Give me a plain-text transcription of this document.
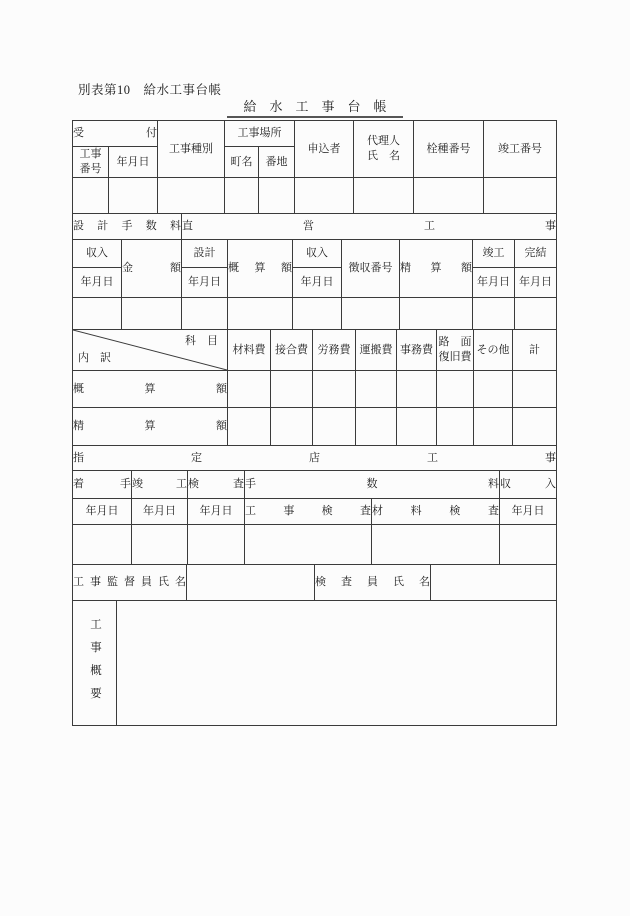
別表第10　給水工事台帳
給　水　工　事　台　帳
受付		工事種別	工事場所		申込者	代理人氏　名	栓種番号	竣工番号
工事番号	年月日		町名	番地				

設計手数料		直営工事						
収入	金額	設計	概算額	収入	徴収番号	精算額	竣工	完結
年月日		年月日		年月日			年月日	年月日

科　目
内　訳	材料費	接合費	労務費	運搬費	事務費	路　面復旧費	その他	計
概算額								
精算額								
指定店工事					
着手	竣工	検査	手数料		収入
年月日	年月日	年月日	工事検査	材料検査	年月日

工事監督員氏名		検査員氏名	
工事概要	
